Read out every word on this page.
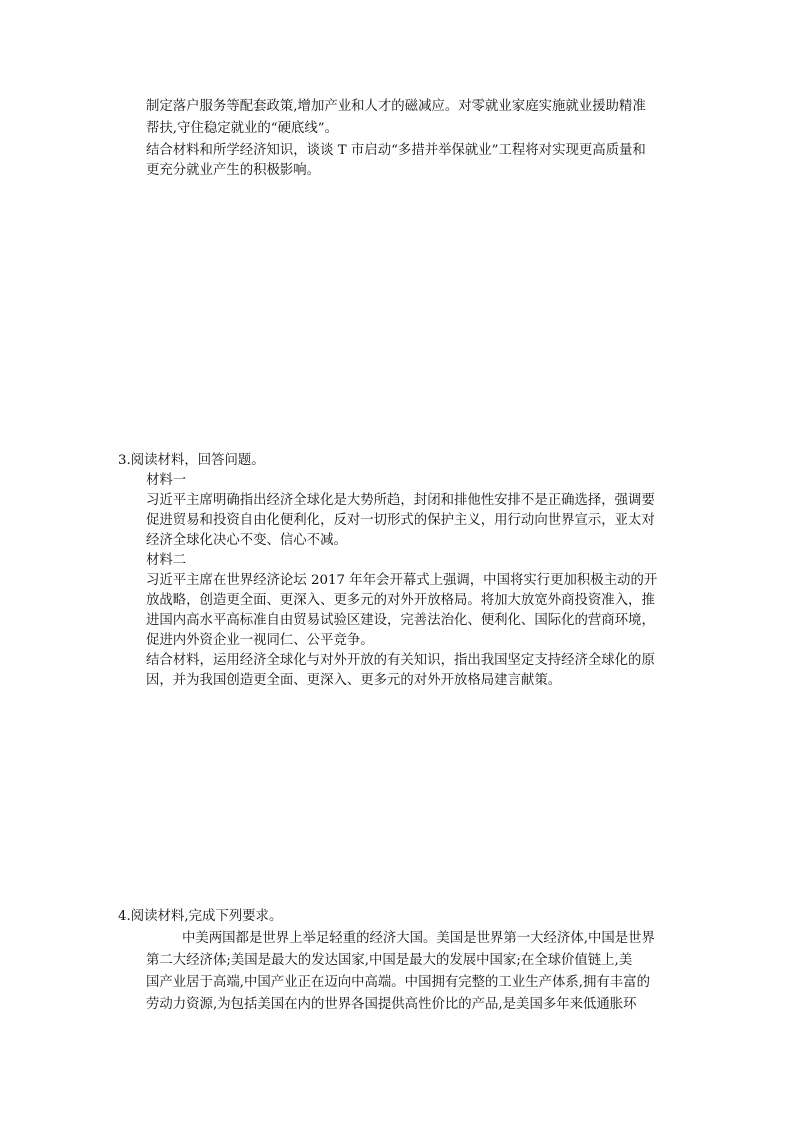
制定落户服务等配套政策,增加产业和人才的磁减应。对零就业家庭实施就业援助精准
帮扶,守住稳定就业的“硬底线”。
结合材料和所学经济知识，谈谈 T 市启动“多措并举保就业”工程将对实现更高质量和
更充分就业产生的积极影响。
3.阅读材料，回答问题。
材料一
习近平主席明确指出经济全球化是大势所趋，封闭和排他性安排不是正确选择，强调要
促进贸易和投资自由化便利化，反对一切形式的保护主义，用行动向世界宣示，亚太对
经济全球化决心不变、信心不减。
材料二
习近平主席在世界经济论坛 2017 年年会开幕式上强调，中国将实行更加积极主动的开
放战略，创造更全面、更深入、更多元的对外开放格局。将加大放宽外商投资准入，推
进国内高水平高标准自由贸易试验区建设，完善法治化、便利化、国际化的营商环境，
促进内外资企业一视同仁、公平竞争。
结合材料，运用经济全球化与对外开放的有关知识，指出我国坚定支持经济全球化的原
因，并为我国创造更全面、更深入、更多元的对外开放格局建言献策。
4.阅读材料,完成下列要求。
中美两国都是世界上举足轻重的经济大国。美国是世界第一大经济体,中国是世界
第二大经济体;美国是最大的发达国家,中国是最大的发展中国家;在全球价值链上,美
国产业居于高端,中国产业正在迈向中高端。中国拥有完整的工业生产体系,拥有丰富的
劳动力资源,为包括美国在内的世界各国提供高性价比的产品,是美国多年来低通胀环
